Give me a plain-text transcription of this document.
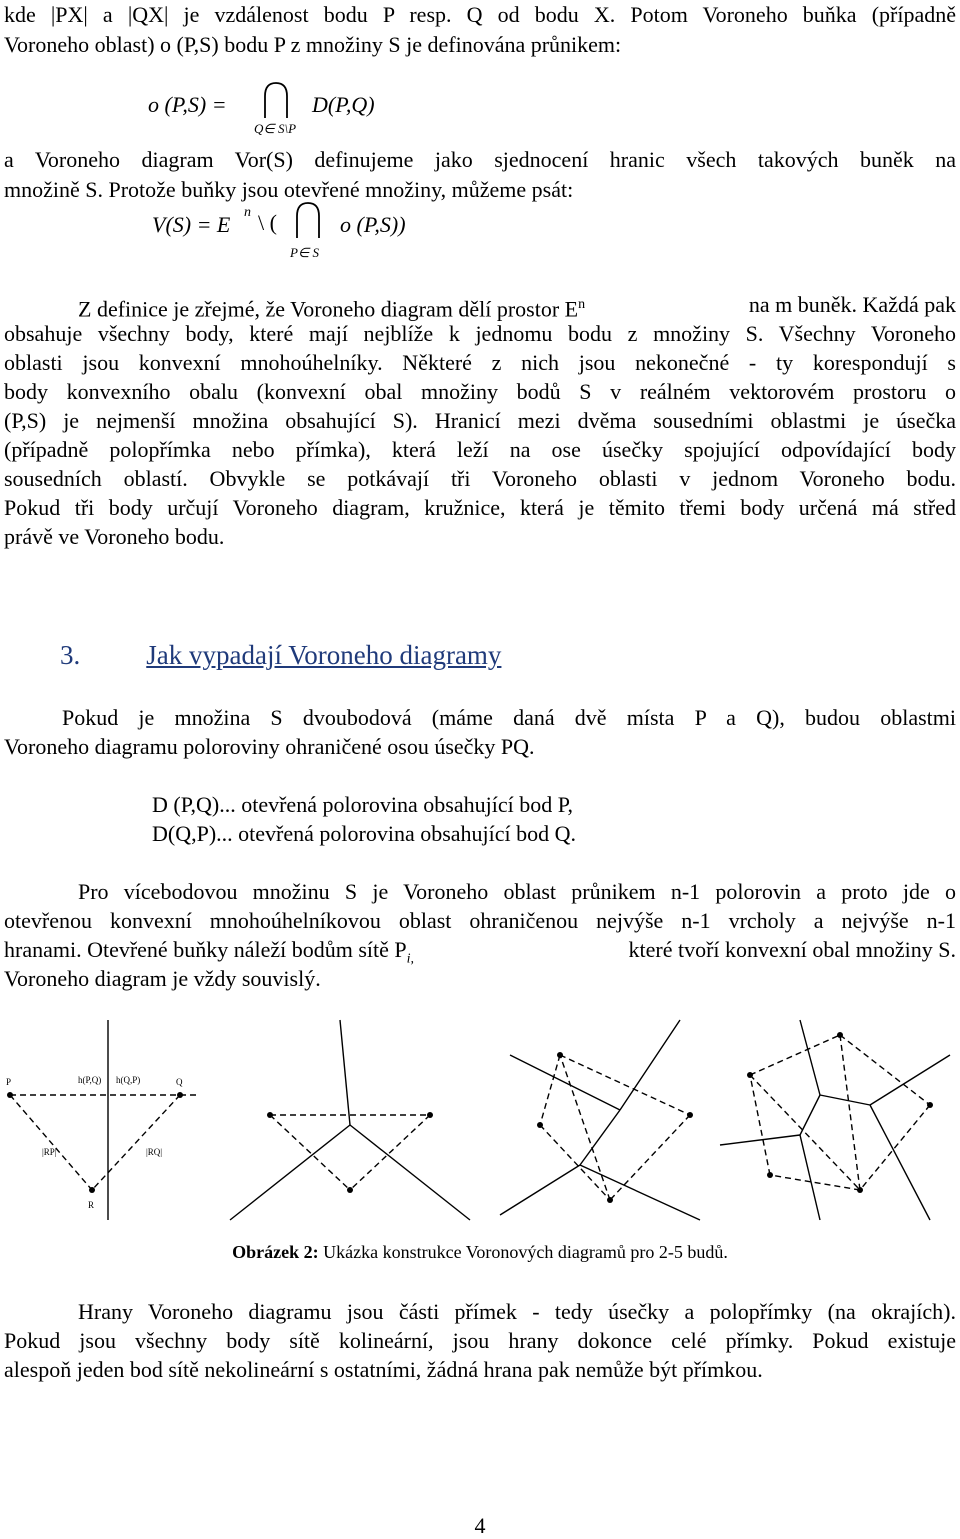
kde |PX| a |QX| je vzdálenost bodu P resp. Q od bodu X. Potom Voroneho buňka (případně
Voroneho oblast) o (P,S) bodu P z množiny S je definována průnikem:
o (P,S) =	D(P,Q)
Q∈ S\P
a Voroneho diagram Vor(S) definujeme jako sjednocení hranic všech takových buněk na
množině S. Protože buňky jsou otevřené množiny, můžeme psát:
V(S) = E n \ (	o (P,S))
P∈ S
Z definice je zřejmé, že Voroneho diagram dělí prostor $E^n$	na m buněk. Každá pak
obsahuje všechny body, které mají nejblíže k jednomu bodu z množiny S. Všechny Voroneho
oblasti jsou konvexní mnohoúhelníky. Některé z nich jsou nekonečné - ty korespondují s
body konvexního obalu (konvexní obal množiny bodů S v reálném vektorovém prostoru o
(P,S) je nejmenší množina obsahující S). Hranicí mezi dvěma sousedními oblastmi je úsečka
(případně polopřímka nebo přímka), která leží na ose úsečky spojující odpovídající body
sousedních oblastí. Obvykle se potkávají tři Voroneho oblasti v jednom Voroneho bodu.
Pokud tři body určují Voroneho diagram, kružnice, která je těmito třemi body určená má střed
právě ve Voroneho bodu.
3. Jak vypadají Voroneho diagramy
Pokud je množina S dvoubodová (máme daná dvě místa P a Q), budou oblastmi
Voroneho diagramu poloroviny ohraničené osou úsečky PQ.
D (P,Q)... otevřená polorovina obsahující bod P,
D(Q,P)... otevřená polorovina obsahující bod Q.
Pro vícebodovou množinu S je Voroneho oblast průnikem n-1 polorovin a proto jde o
otevřenou konvexní mnohoúhelníkovou oblast ohraničenou nejvýše n-1 vrcholy a nejvýše n-1
hranami. Otevřené buňky náleží bodům sítě $P_{i,}$	které tvoří konvexní obal množiny S.
Voroneho diagram je vždy souvislý.
P	Q
R
h(P,Q) h(Q,P)
|RP|	|RQ|
Obrázek 2: Ukázka konstrukce Voronových diagramů pro 2-5 budů.
Hrany Voroneho diagramu jsou části přímek - tedy úsečky a polopřímky (na okrajích).
Pokud jsou všechny body sítě kolineární, jsou hrany dokonce celé přímky. Pokud existuje
alespoň jeden bod sítě nekolineární s ostatními, žádná hrana pak nemůže být přímkou.
4
